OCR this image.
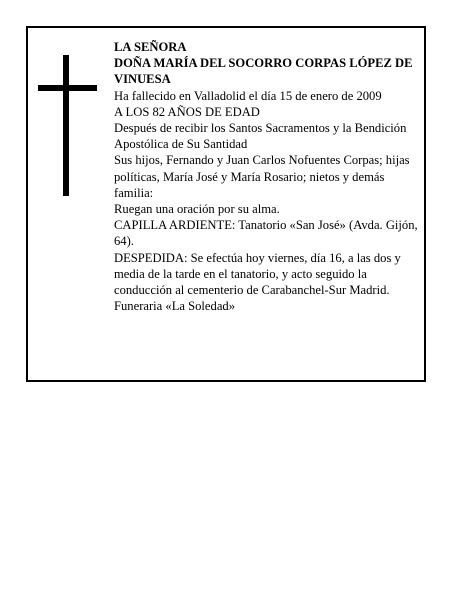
LA SEÑORA

DOÑA MARÍA DEL SOCORRO CORPAS LÓPEZ DE VINUESA

Ha fallecido en Valladolid el día 15 de enero de 2009

A LOS 82 AÑOS DE EDAD

Después de recibir los Santos Sacramentos y la Bendición Apostólica de Su Santidad

Sus hijos, Fernando y Juan Carlos Nofuentes Corpas; hijas políticas, María José y María Rosario; nietos y demás familia:

Ruegan una oración por su alma.

CAPILLA ARDIENTE: Tanatorio «San José» (Avda. Gijón, 64).

DESPEDIDA: Se efectúa hoy viernes, día 16, a las dos y media de la tarde en el tanatorio, y acto seguido la conducción al cementerio de Carabanchel-Sur Madrid.

Funeraria «La Soledad»
